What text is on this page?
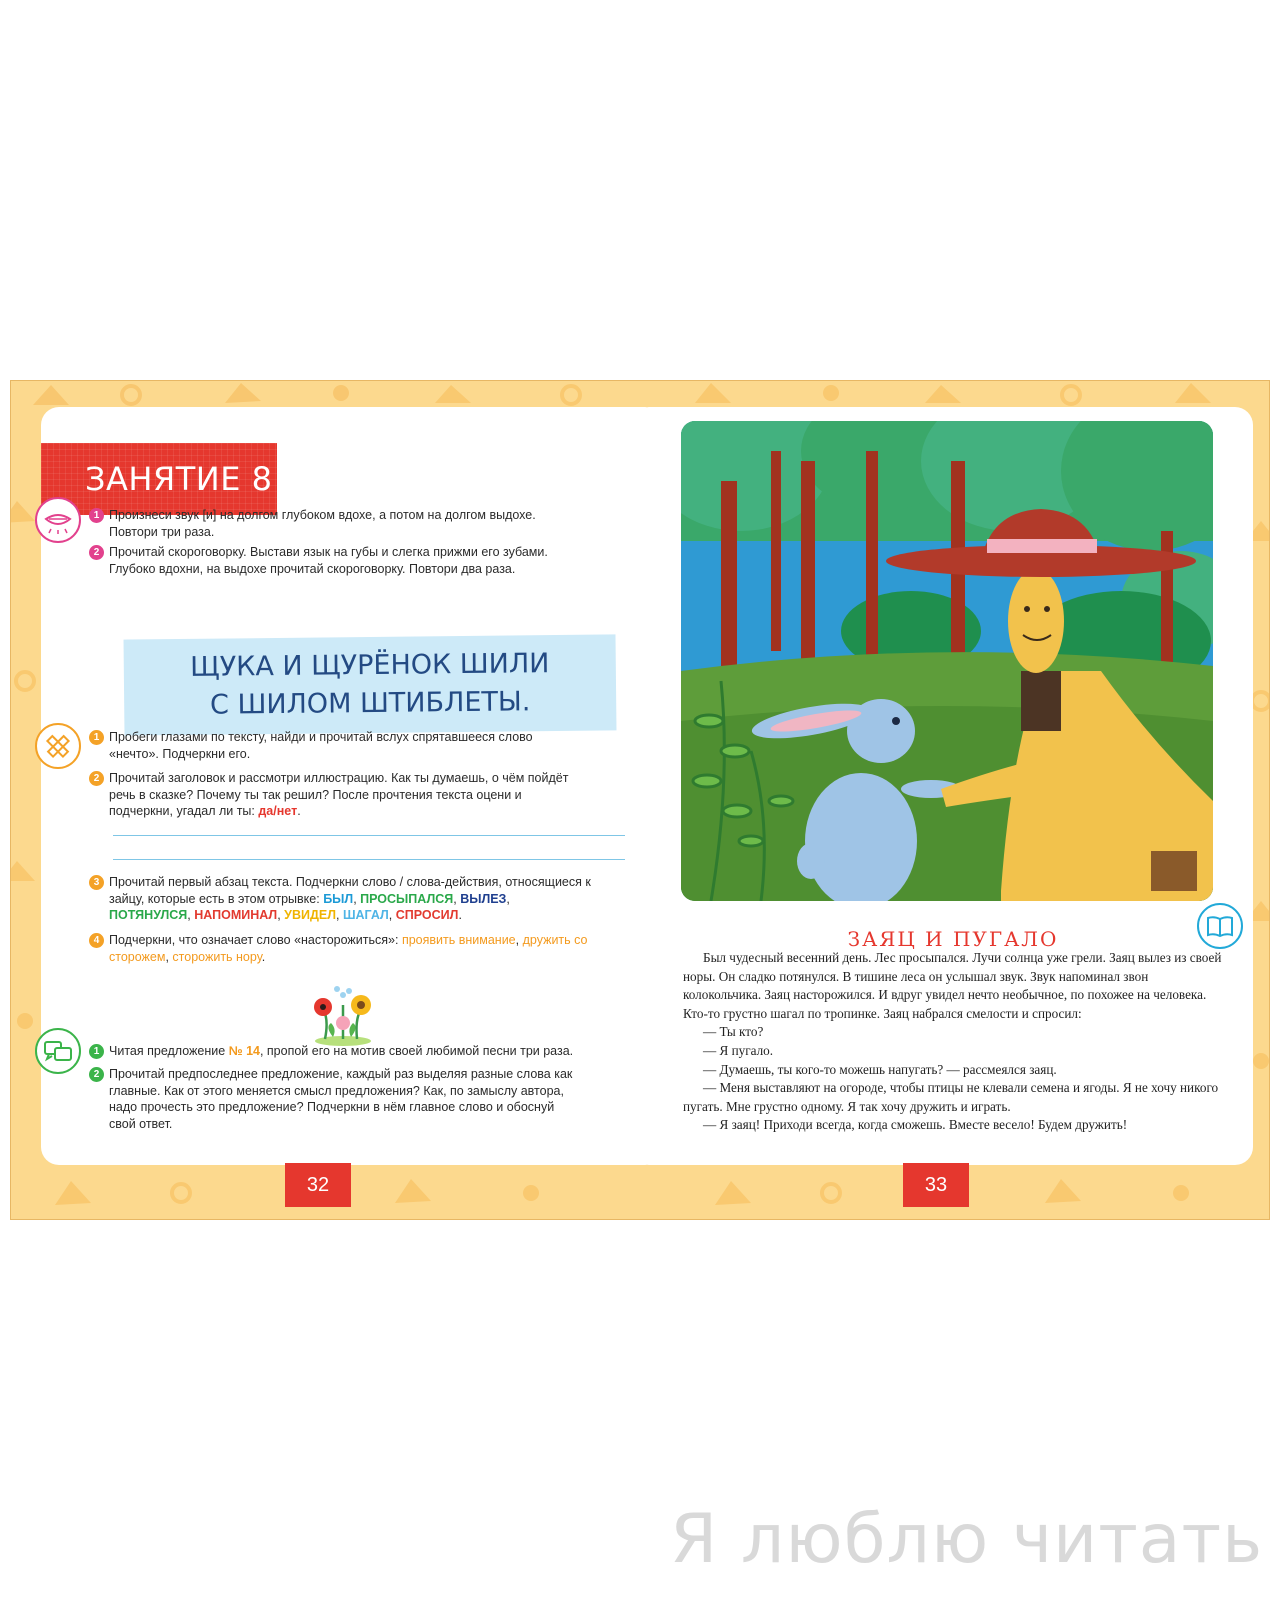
ЗАНЯТИЕ 8
1 Произнеси звук [и] на долгом глубоком вдохе, а потом на долгом выдохе. Повтори три раза.
2 Прочитай скороговорку. Выстави язык на губы и слегка прижми его зубами. Глубоко вдохни, на выдохе прочитай скороговорку. Повтори два раза.
ЩУКА И ЩУРЁНОК ШИЛИ
С ШИЛОМ ШТИБЛЕТЫ.
1 Пробеги глазами по тексту, найди и прочитай вслух спрятавшееся слово «нечто». Подчеркни его.
2 Прочитай заголовок и рассмотри иллюстрацию. Как ты думаешь, о чём пойдёт речь в сказке? Почему ты так решил? После прочтения текста оцени и подчеркни, угадал ли ты: да/нет.
3 Прочитай первый абзац текста. Подчеркни слово / слова-действия, относящиеся к зайцу, которые есть в этом отрывке: БЫЛ, ПРОСЫПАЛСЯ, ВЫЛЕЗ, ПОТЯНУЛСЯ, НАПОМИНАЛ, УВИДЕЛ, ШАГАЛ, СПРОСИЛ.
4 Подчеркни, что означает слово «насторожиться»: проявить внимание, дружить со сторожем, сторожить нору.
1 Читая предложение № 14, пропой его на мотив своей любимой песни три раза.
2 Прочитай предпоследнее предложение, каждый раз выделяя разные слова как главные. Как от этого меняется смысл предложения? Как, по замыслу автора, надо прочесть это предложение? Подчеркни в нём главное слово и обоснуй свой ответ.
ЗАЯЦ И ПУГАЛО

Был чудесный весенний день. Лес просыпался. Лучи солнца уже грели. Заяц вылез из своей норы. Он сладко потянулся. В тишине леса он услышал звук. Звук напоминал звон колокольчика. Заяц насторожился. И вдруг увидел нечто необычное, по похожее на человека. Кто-то грустно шагал по тропинке. Заяц набрался смелости и спросил:

— Ты кто?

— Я пугало.

— Думаешь, ты кого-то можешь напугать? — рассмеялся заяц.

— Меня выставляют на огороде, чтобы птицы не клевали семена и ягоды. Я не хочу никого пугать. Мне грустно одному. Я так хочу дружить и играть.

— Я заяц! Приходи всегда, когда сможешь. Вместе весело! Будем дружить!

32	33
Я люблю читать
